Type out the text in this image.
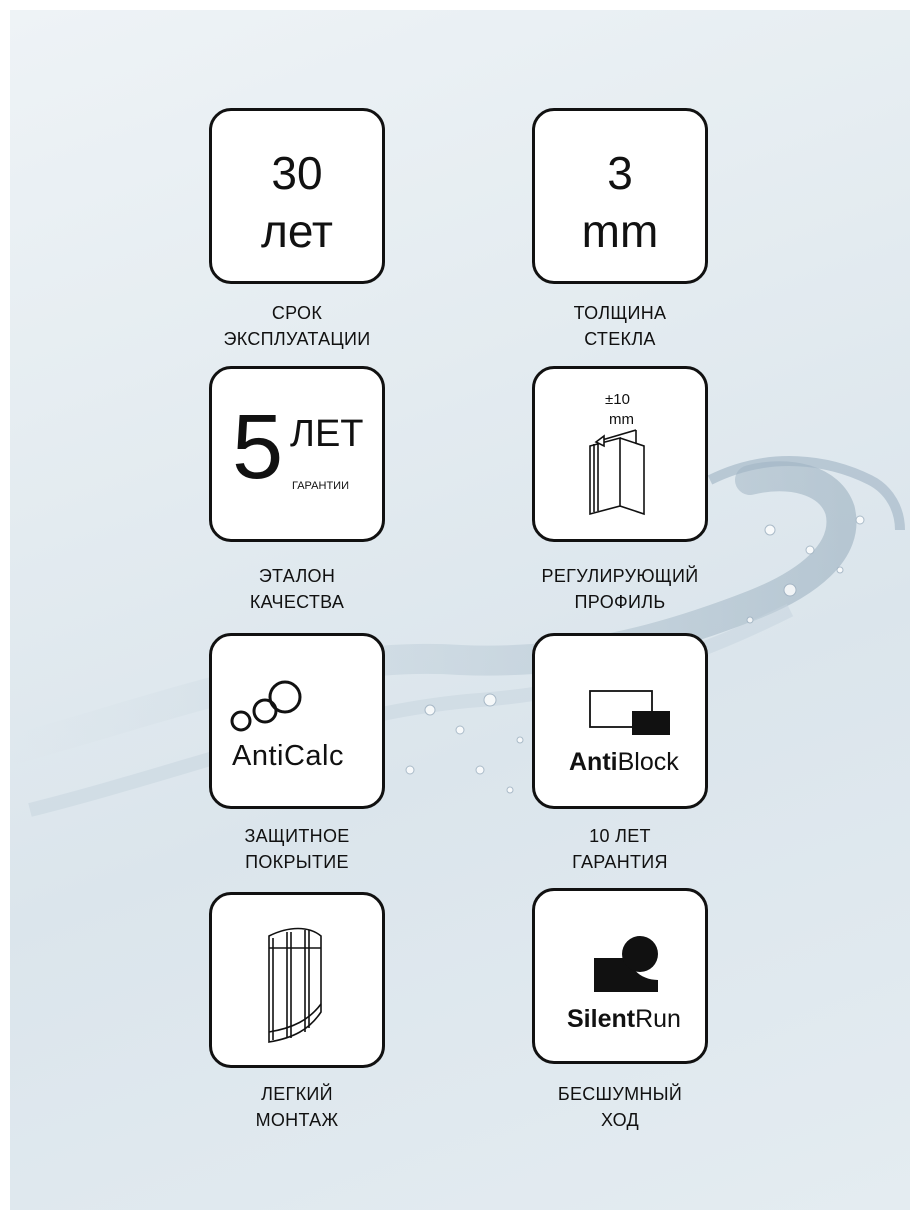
30
лет
СРОК
ЭКСПЛУАТАЦИИ
3
mm
ТОЛЩИНА
СТЕКЛА
5 ЛЕТ
ГАРАНТИИ
ЭТАЛОН
КАЧЕСТВА
±10
mm
РЕГУЛИРУЮЩИЙ
ПРОФИЛЬ
AntiCalc
ЗАЩИТНОЕ
ПОКРЫТИЕ
AntiBlock
10 ЛЕТ
ГАРАНТИЯ
ЛЕГКИЙ
МОНТАЖ
SilentRun
БЕСШУМНЫЙ
ХОД
